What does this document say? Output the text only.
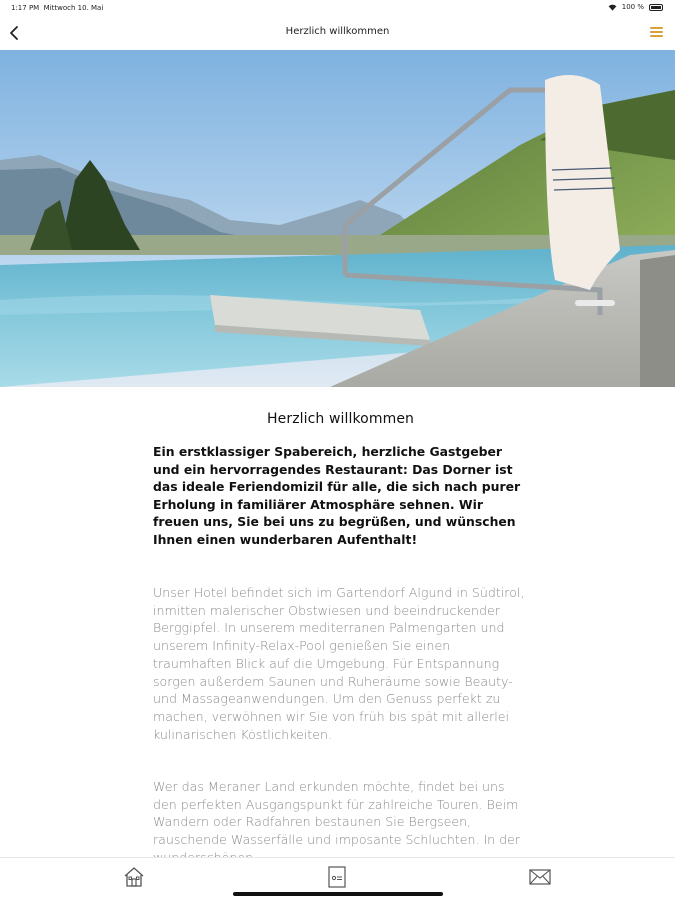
1:17 PM Mittwoch 10. Mai	100 %
Herzlich willkommen
Herzlich willkommen
Ein erstklassiger Spabereich, herzliche Gastgeber und ein hervorragendes Restaurant: Das Dorner ist das ideale Feriendomizil für alle, die sich nach purer Erholung in familiärer Atmosphäre sehnen. Wir freuen uns, Sie bei uns zu begrüßen, und wünschen Ihnen einen wunderbaren Aufenthalt!
Unser Hotel befindet sich im Gartendorf Algund in Südtirol, inmitten malerischer Obstwiesen und beeindruckender Berggipfel. In unserem mediterranen Palmengarten und unserem Infinity-Relax-Pool genießen Sie einen traumhaften Blick auf die Umgebung. Für Entspannung sorgen außerdem Saunen und Ruheräume sowie Beauty- und Massageanwendungen. Um den Genuss perfekt zu machen, verwöhnen wir Sie von früh bis spät mit allerlei kulinarischen Köstlichkeiten.
Wer das Meraner Land erkunden möchte, findet bei uns den perfekten Ausgangspunkt für zahlreiche Touren. Beim Wandern oder Radfahren bestaunen Sie Bergseen, rauschende Wasserfälle und imposante Schluchten. In der
